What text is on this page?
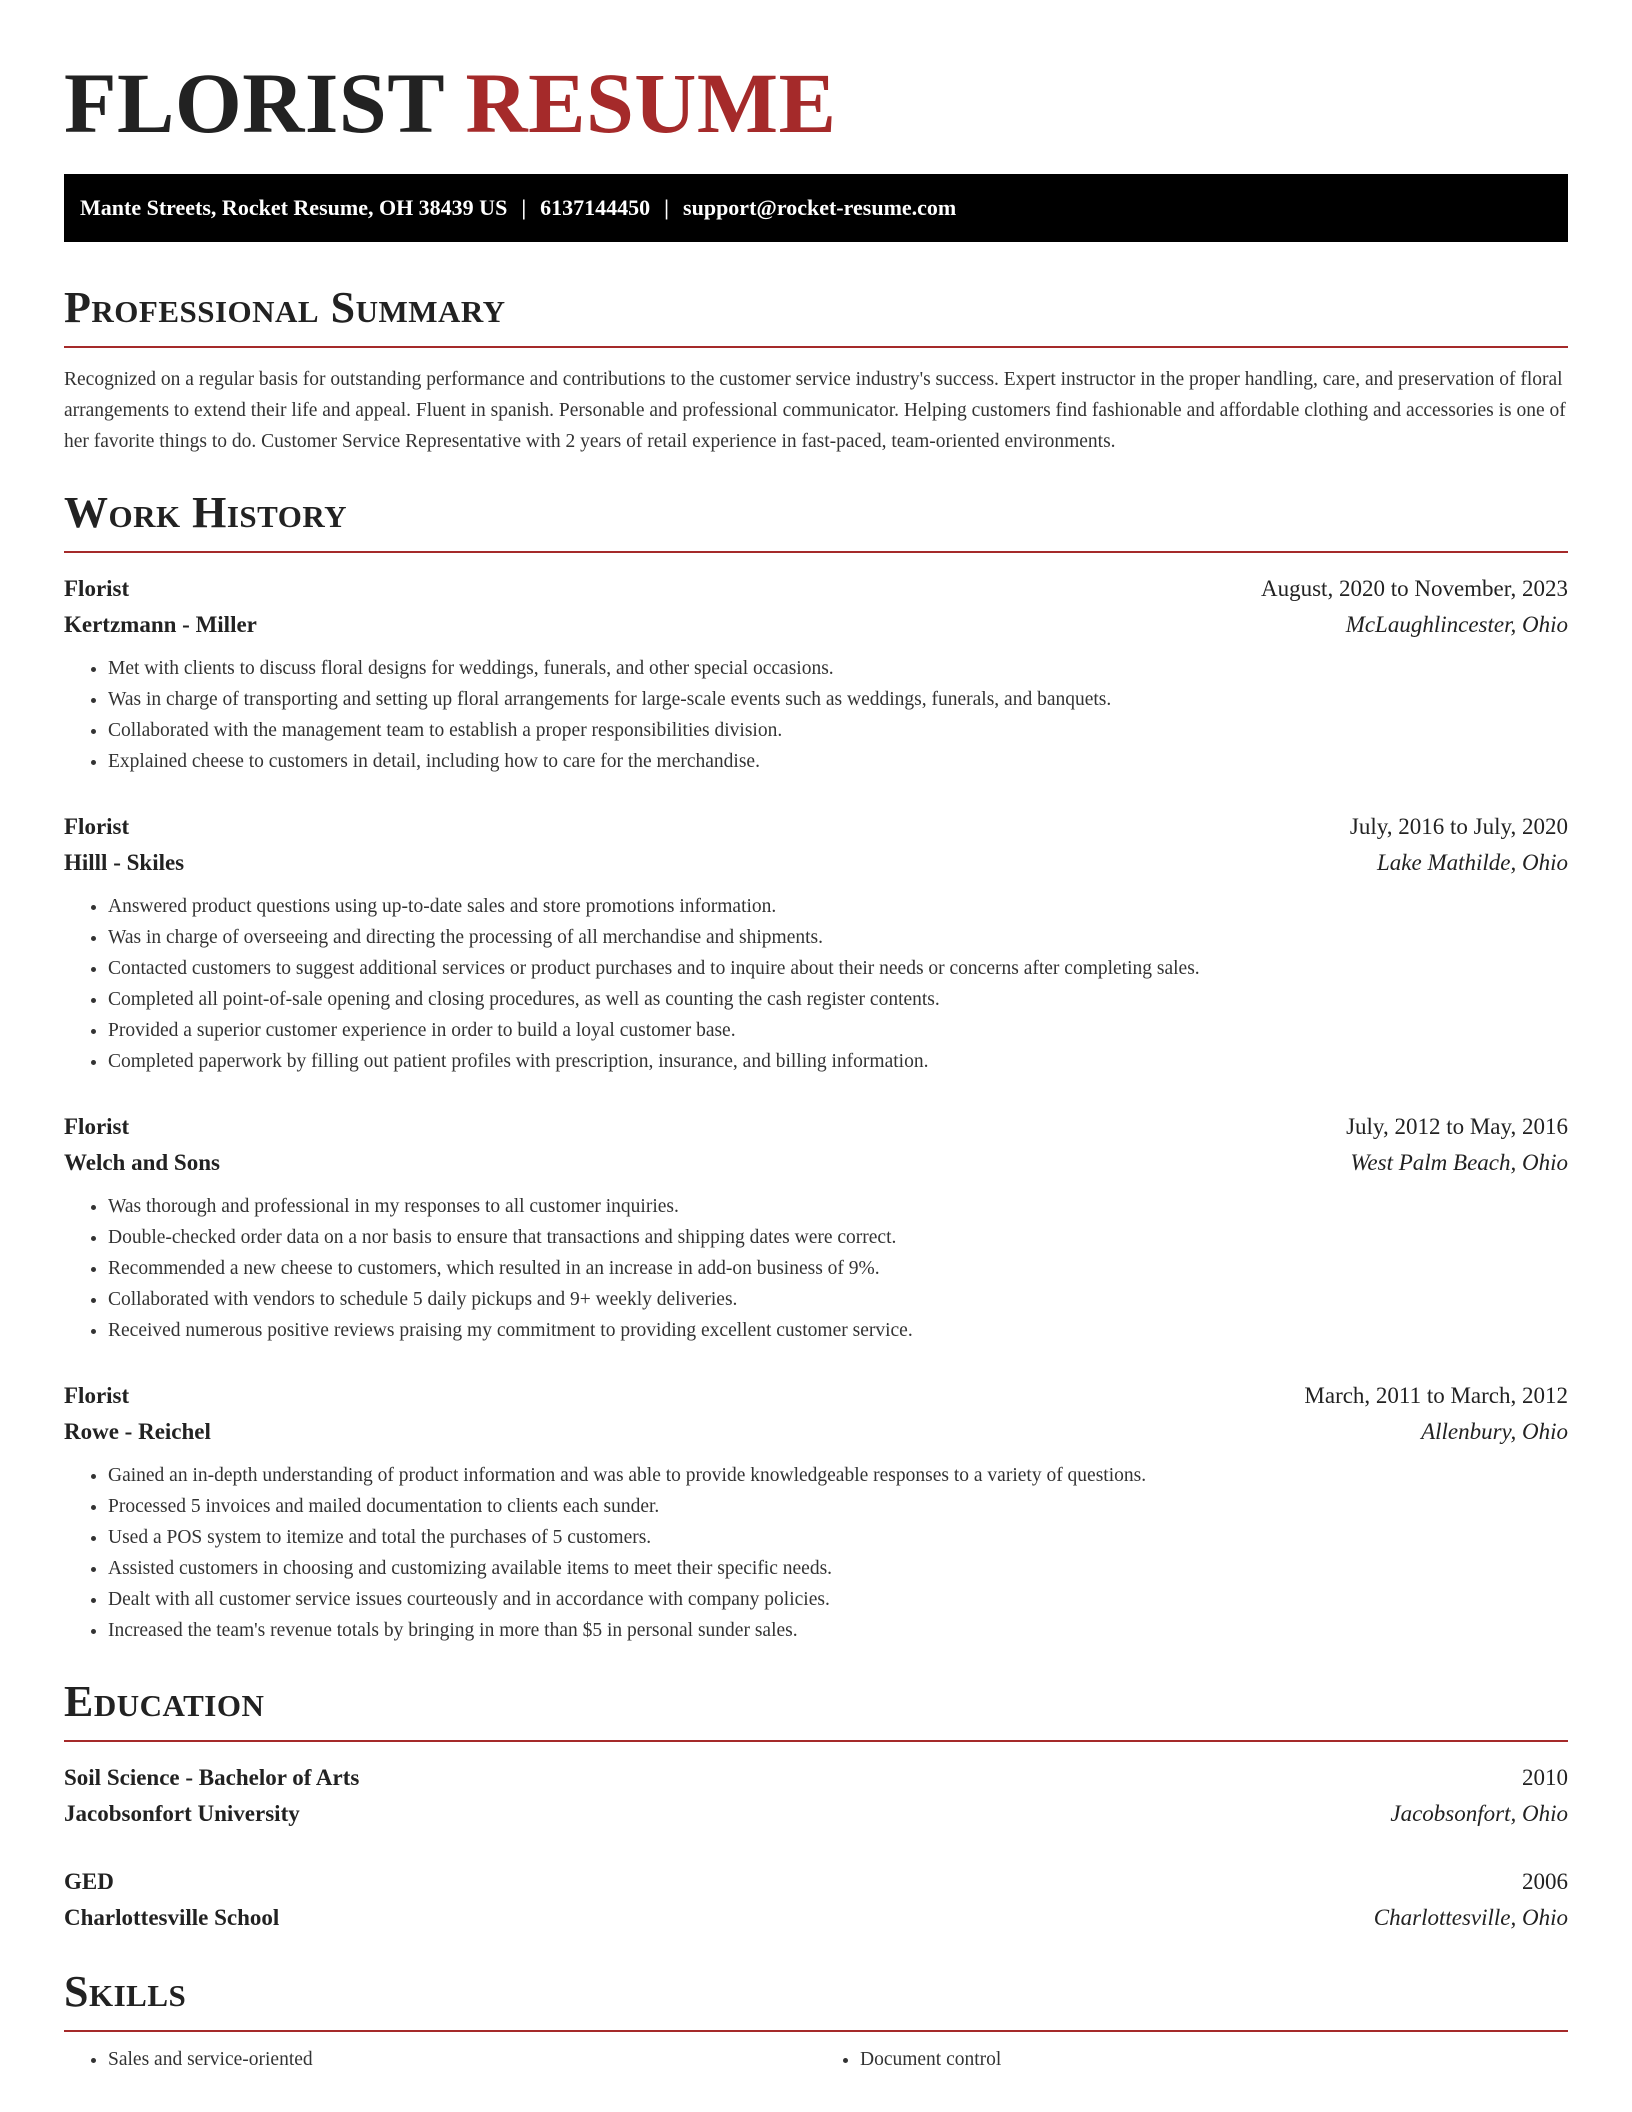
FLORIST RESUME
Mante Streets, Rocket Resume, OH 38439 US | 6137144450 | support@rocket-resume.com
Professional Summary

Recognized on a regular basis for outstanding performance and contributions to the customer service industry's success. Expert instructor in the proper handling, care, and preservation of floral arrangements to extend their life and appeal. Fluent in spanish. Personable and professional communicator. Helping customers find fashionable and affordable clothing and accessories is one of her favorite things to do. Customer Service Representative with 2 years of retail experience in fast-paced, team-oriented environments.

Work History
Florist	August, 2020 to November, 2023
Kertzmann - Miller	McLaughlincester, Ohio
• Met with clients to discuss floral designs for weddings, funerals, and other special occasions.
• Was in charge of transporting and setting up floral arrangements for large-scale events such as weddings, funerals, and banquets.
• Collaborated with the management team to establish a proper responsibilities division.
• Explained cheese to customers in detail, including how to care for the merchandise.
Florist	July, 2016 to July, 2020
Hilll - Skiles	Lake Mathilde, Ohio
• Answered product questions using up-to-date sales and store promotions information.
• Was in charge of overseeing and directing the processing of all merchandise and shipments.
• Contacted customers to suggest additional services or product purchases and to inquire about their needs or concerns after completing sales.
• Completed all point-of-sale opening and closing procedures, as well as counting the cash register contents.
• Provided a superior customer experience in order to build a loyal customer base.
• Completed paperwork by filling out patient profiles with prescription, insurance, and billing information.
Florist	July, 2012 to May, 2016
Welch and Sons	West Palm Beach, Ohio
• Was thorough and professional in my responses to all customer inquiries.
• Double-checked order data on a nor basis to ensure that transactions and shipping dates were correct.
• Recommended a new cheese to customers, which resulted in an increase in add-on business of 9%.
• Collaborated with vendors to schedule 5 daily pickups and 9+ weekly deliveries.
• Received numerous positive reviews praising my commitment to providing excellent customer service.
Florist	March, 2011 to March, 2012
Rowe - Reichel	Allenbury, Ohio
• Gained an in-depth understanding of product information and was able to provide knowledgeable responses to a variety of questions.
• Processed 5 invoices and mailed documentation to clients each sunder.
• Used a POS system to itemize and total the purchases of 5 customers.
• Assisted customers in choosing and customizing available items to meet their specific needs.
• Dealt with all customer service issues courteously and in accordance with company policies.
• Increased the team's revenue totals by bringing in more than $5 in personal sunder sales.
Education
Soil Science - Bachelor of Arts	2010
Jacobsonfort University	Jacobsonfort, Ohio
GED	2006
Charlottesville School	Charlottesville, Ohio
Skills
• Sales and service-oriented
•	Document control
